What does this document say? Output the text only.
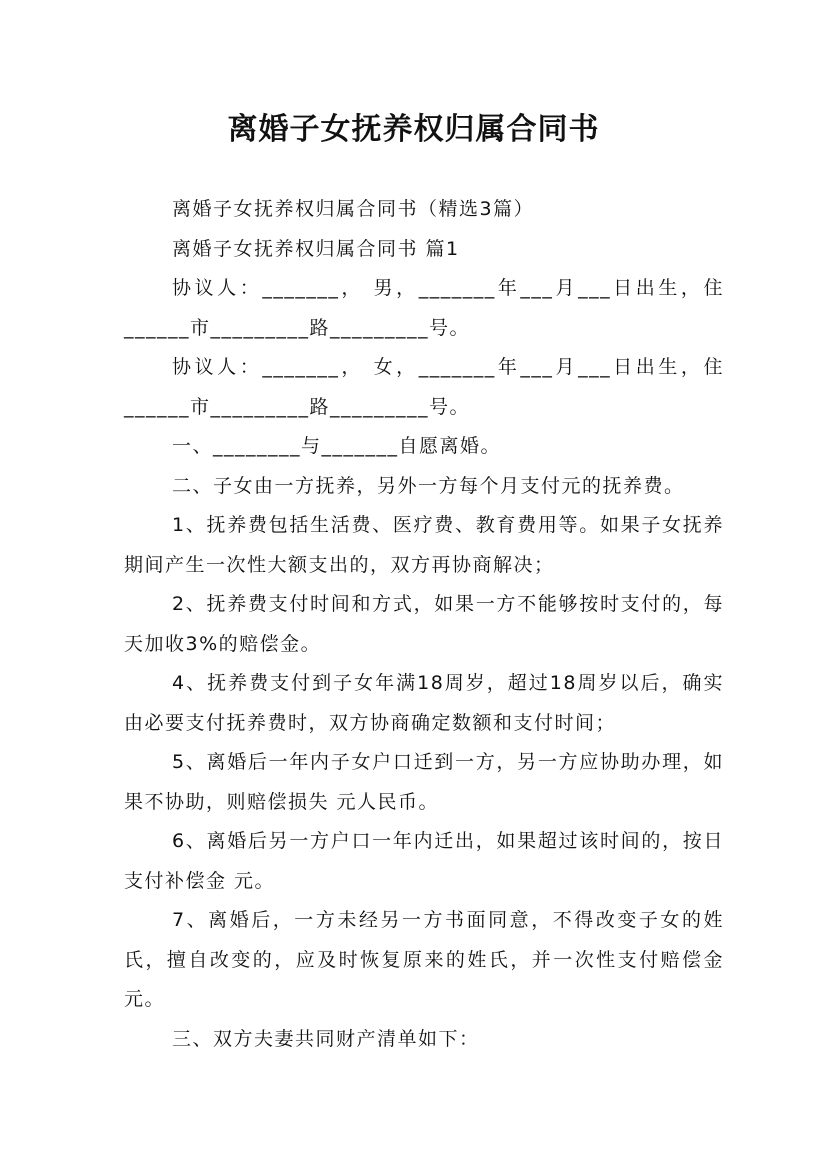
离婚子女抚养权归属合同书

离婚子女抚养权归属合同书（精选3篇）

离婚子女抚养权归属合同书 篇1

协议人：_______， 男，_______年___月___日出生，住______市_________路_________号。

协议人：_______， 女，_______年___月___日出生，住______市_________路_________号。

一、________与_______自愿离婚。

二、子女由一方抚养，另外一方每个月支付元的抚养费。

1、抚养费包括生活费、医疗费、教育费用等。如果子女抚养期间产生一次性大额支出的，双方再协商解决；

2、抚养费支付时间和方式，如果一方不能够按时支付的，每天加收3%的赔偿金。

4、抚养费支付到子女年满18周岁，超过18周岁以后，确实由必要支付抚养费时，双方协商确定数额和支付时间；

5、离婚后一年内子女户口迁到一方，另一方应协助办理，如果不协助，则赔偿损失 元人民币。

6、离婚后另一方户口一年内迁出，如果超过该时间的，按日支付补偿金 元。

7、离婚后，一方未经另一方书面同意，不得改变子女的姓氏，擅自改变的，应及时恢复原来的姓氏，并一次性支付赔偿金 元。

三、双方夫妻共同财产清单如下：
